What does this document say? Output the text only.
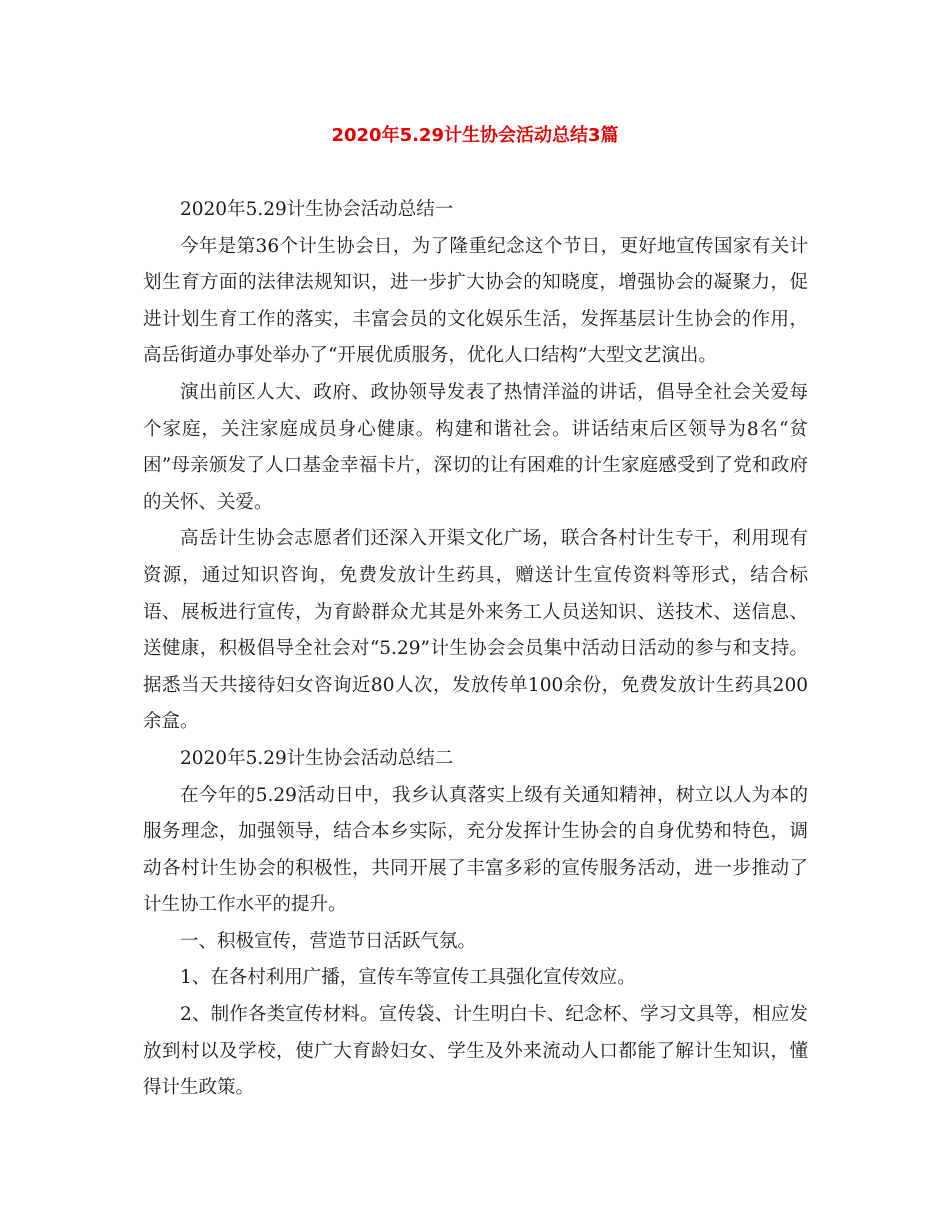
2020年5.29计生协会活动总结3篇

2020年5.29计生协会活动总结一

今年是第36个计生协会日，为了隆重纪念这个节日，更好地宣传国家有关计划生育方面的法律法规知识，进一步扩大协会的知晓度，增强协会的凝聚力，促进计划生育工作的落实，丰富会员的文化娱乐生活，发挥基层计生协会的作用，高岳街道办事处举办了“开展优质服务，优化人口结构”大型文艺演出。

演出前区人大、政府、政协领导发表了热情洋溢的讲话，倡导全社会关爱每个家庭，关注家庭成员身心健康。构建和谐社会。讲话结束后区领导为8名“贫困”母亲颁发了人口基金幸福卡片，深切的让有困难的计生家庭感受到了党和政府的关怀、关爱。

高岳计生协会志愿者们还深入开渠文化广场，联合各村计生专干，利用现有资源，通过知识咨询，免费发放计生药具，赠送计生宣传资料等形式，结合标语、展板进行宣传，为育龄群众尤其是外来务工人员送知识、送技术、送信息、送健康，积极倡导全社会对“5.29”计生协会会员集中活动日活动的参与和支持。据悉当天共接待妇女咨询近80人次，发放传单100余份，免费发放计生药具200余盒。

2020年5.29计生协会活动总结二

在今年的5.29活动日中，我乡认真落实上级有关通知精神，树立以人为本的服务理念，加强领导，结合本乡实际，充分发挥计生协会的自身优势和特色，调动各村计生协会的积极性，共同开展了丰富多彩的宣传服务活动，进一步推动了计生协工作水平的提升。

一、积极宣传，营造节日活跃气氛。

1、在各村利用广播，宣传车等宣传工具强化宣传效应。

2、制作各类宣传材料。宣传袋、计生明白卡、纪念杯、学习文具等，相应发放到村以及学校，使广大育龄妇女、学生及外来流动人口都能了解计生知识，懂得计生政策。
